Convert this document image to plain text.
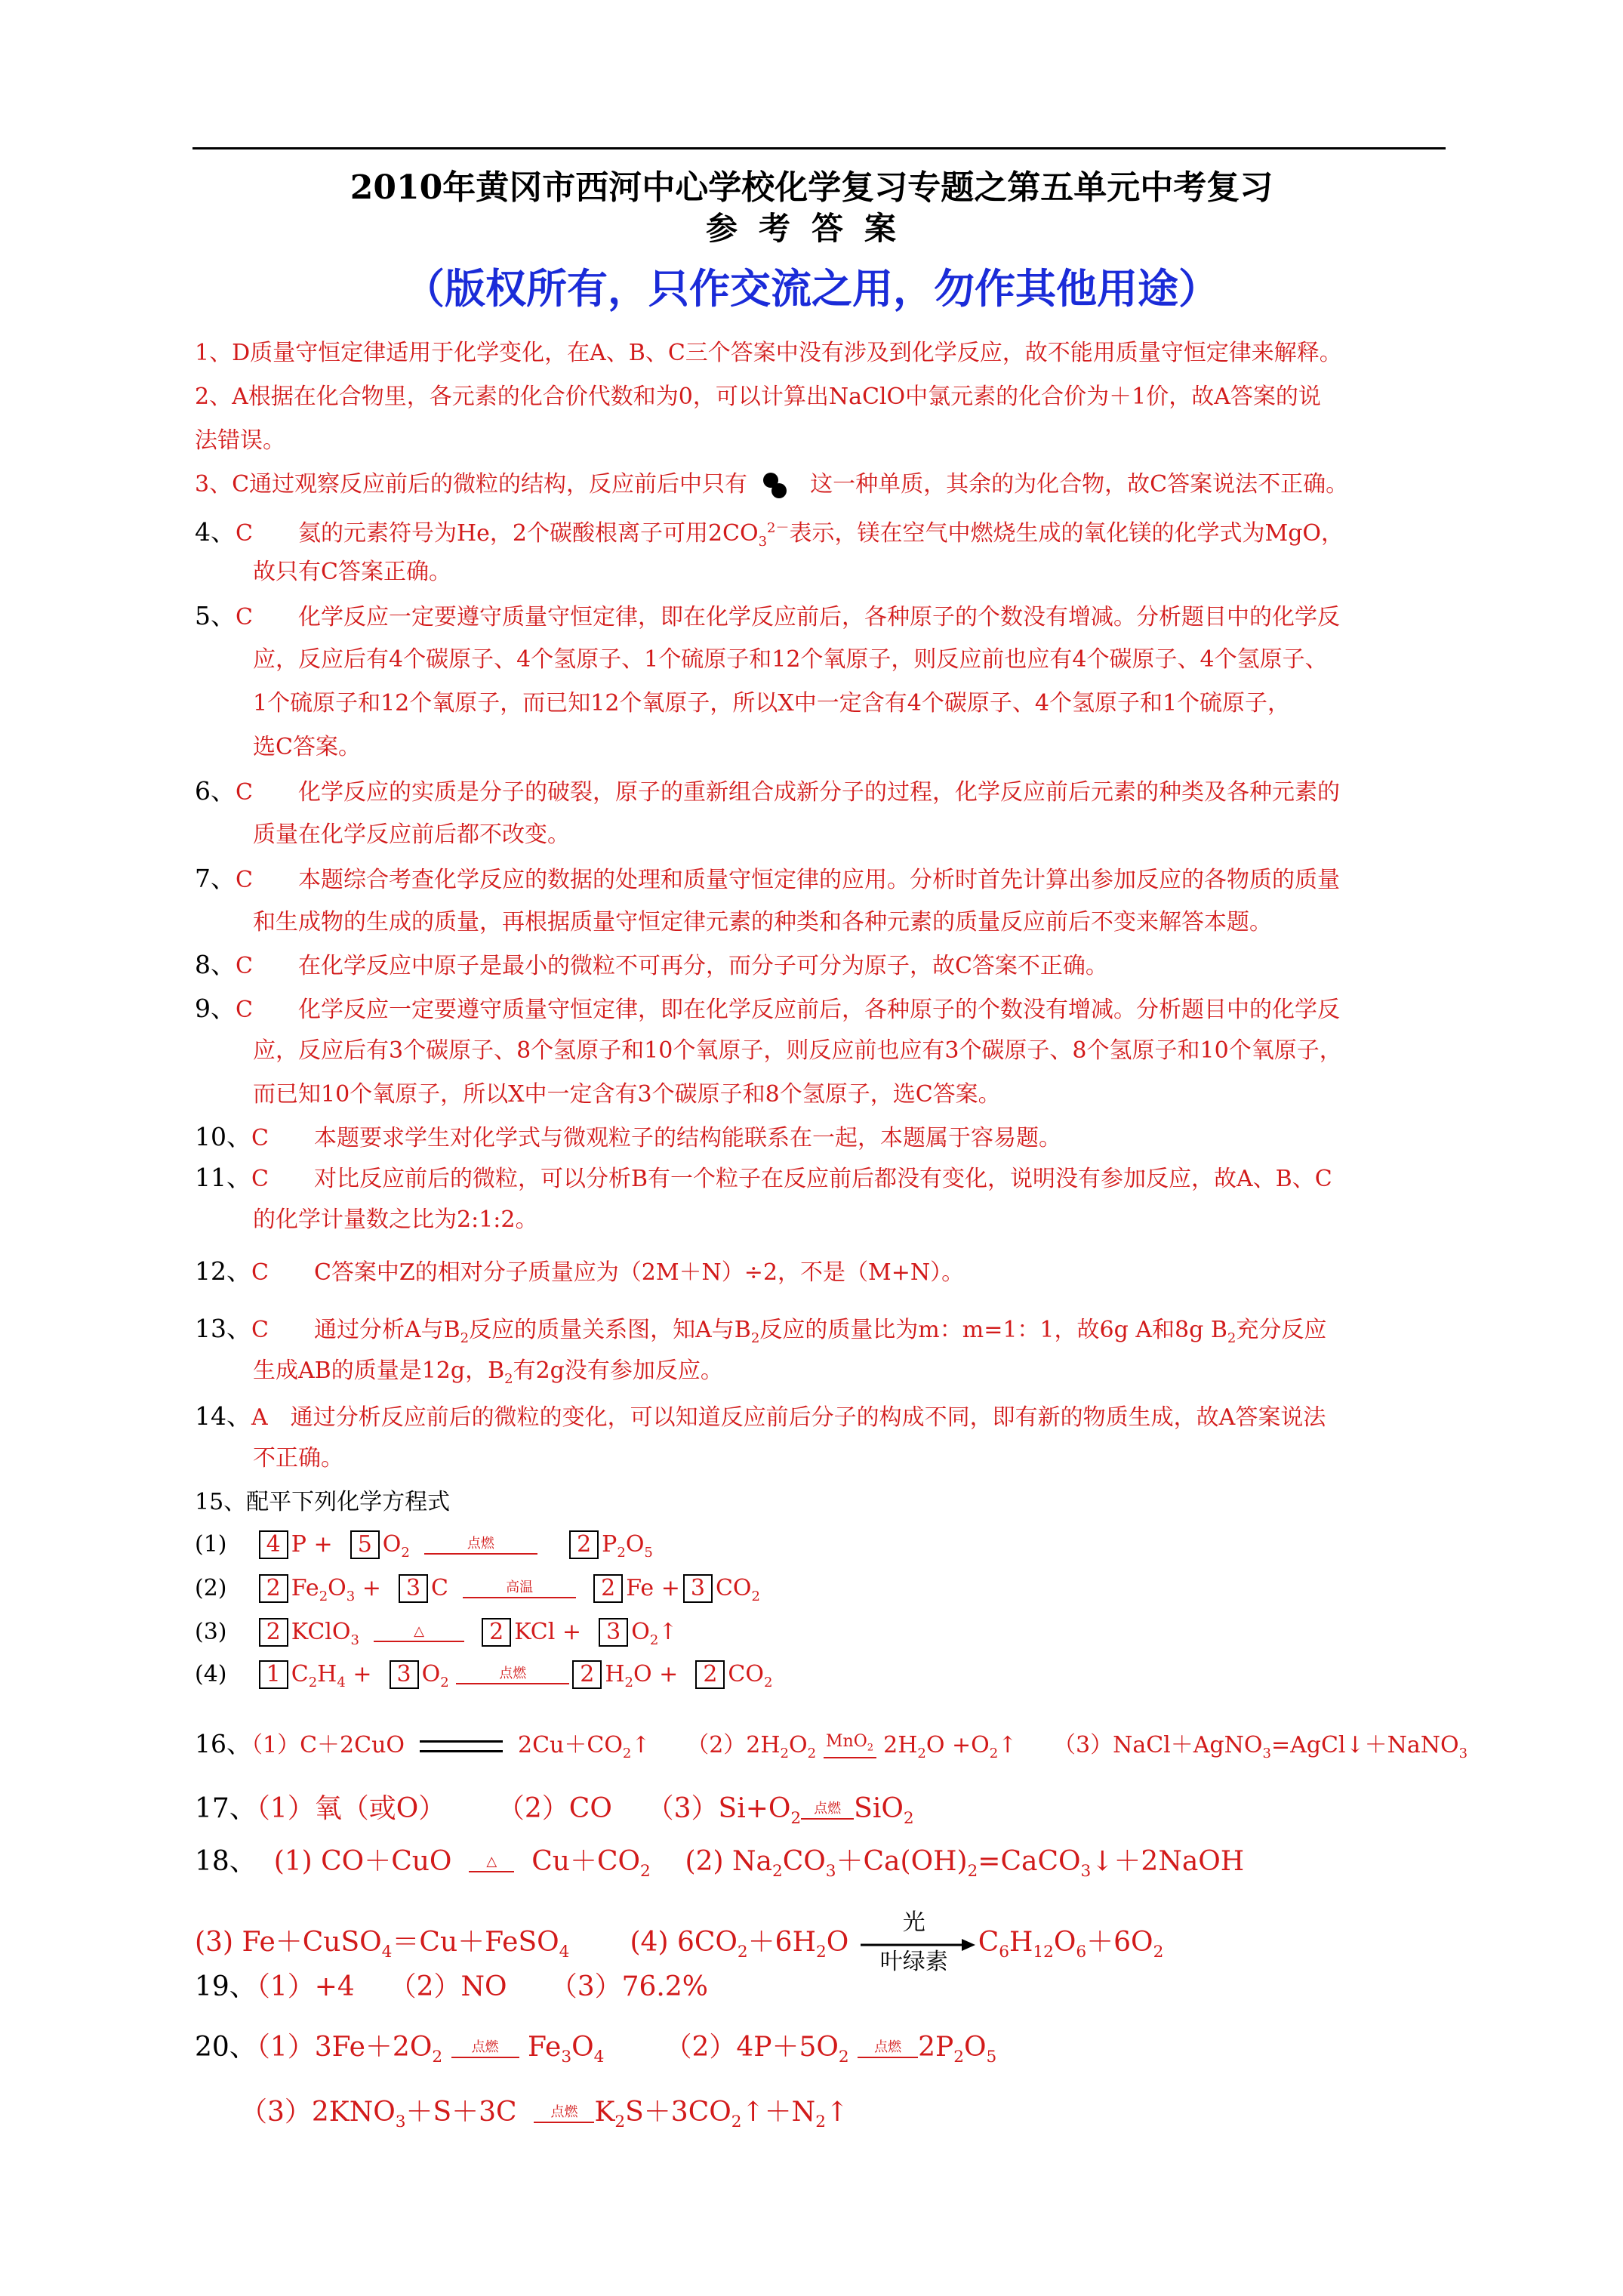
2010年黄冈市西河中心学校化学复习专题之第五单元中考复习
参考答案
（版权所有，只作交流之用，勿作其他用途）
1、D质量守恒定律适用于化学变化，在A、B、C三个答案中没有涉及到化学反应，故不能用质量守恒定律来解释。
2、A根据在化合物里，各元素的化合价代数和为0，可以计算出NaClO中氯元素的化合价为＋1价，故A答案的说
法错误。
3、C通过观察反应前后的微粒的结构，反应前后中只有	这一种单质，其余的为化合物，故C答案说法不正确。
4、C　　氦的元素符号为He，2个碳酸根离子可用$2CO_3^{2-}$表示，镁在空气中燃烧生成的氧化镁的化学式为MgO，
故只有C答案正确。
5、C　　化学反应一定要遵守质量守恒定律，即在化学反应前后，各种原子的个数没有增减。分析题目中的化学反
应，反应后有4个碳原子、4个氢原子、1个硫原子和12个氧原子，则反应前也应有4个碳原子、4个氢原子、
1个硫原子和12个氧原子，而已知12个氧原子，所以X中一定含有4个碳原子、4个氢原子和1个硫原子，
选C答案。
6、C　　化学反应的实质是分子的破裂，原子的重新组合成新分子的过程，化学反应前后元素的种类及各种元素的
质量在化学反应前后都不改变。
7、C　　本题综合考查化学反应的数据的处理和质量守恒定律的应用。分析时首先计算出参加反应的各物质的质量
和生成物的生成的质量，再根据质量守恒定律元素的种类和各种元素的质量反应前后不变来解答本题。
8、C　　在化学反应中原子是最小的微粒不可再分，而分子可分为原子，故C答案不正确。
9、C　　化学反应一定要遵守质量守恒定律，即在化学反应前后，各种原子的个数没有增减。分析题目中的化学反
应，反应后有3个碳原子、8个氢原子和10个氧原子，则反应前也应有3个碳原子、8个氢原子和10个氧原子，
而已知10个氧原子，所以X中一定含有3个碳原子和8个氢原子，选C答案。
10、C　　本题要求学生对化学式与微观粒子的结构能联系在一起，本题属于容易题。
11、C　　对比反应前后的微粒，可以分析B有一个粒子在反应前后都没有变化，说明没有参加反应，故A、B、C
的化学计量数之比为2:1:2。
12、C　　C答案中Z的相对分子质量应为（2M＋N）÷2，不是（M+N）。
13、C　　通过分析A与$B_2$反应的质量关系图，知A与$B_2$反应的质量比为m：m=1：1，故6g A和8g $B_2$充分反应
生成AB的质量是12g，$B_2$有2g没有参加反应。
14、A　通过分析反应前后的微粒的变化，可以知道反应前后分子的构成不同，即有新的物质生成，故A答案说法
不正确。
15、配平下列化学方程式
(1) 4 P +  5 $O_2$
点燃	2 $P_2O_5$
(2) 2 $Fe_2O_3 + 3$ C	高温	2 Fe + 3 $CO_2$
(3) 2 KClO$_3$
△	2 KCl +  3 $O_2↑$
(4) 1 $C_2H_4 + 3$ $O_2$
点燃	2 $H_2O + 2$ $CO_2$
16、（1）C＋2CuO	$2Cu+CO_2↑$     $(2)2H_2O_2$
MnO$_2$ $2H_2O$ $+O_2↑$     （3）NaCl＋AgNO$_3$=AgCl↓＋NaNO$_3$
17、（1）氧（或O） （2）CO    $(3)Si+O_2$
点燃 SiO$_2$
18、  (1) CO＋CuO	△ $Cu+CO_2$    (2) $Na_2CO_3+Ca(OH)_2=CaCO_3↓+2NaOH$
(3) Fe＋CuSO$_4$＝Cu＋FeSO$_4$       (4) $6CO_2+6H_2O$
光
叶绿素
$C_6H_{12}O_6+6O_2$
19、（1）+4 （2）NO （3）76.2%
20、$(1)3Fe+2O_2$
点燃 $Fe_3O_4$       $(2)4P+5O_2$
点燃 $2P_2O_5$
$(3)2KNO_3+S+3C$	点燃 $K_2S+3CO_2↑+N_2↑$
